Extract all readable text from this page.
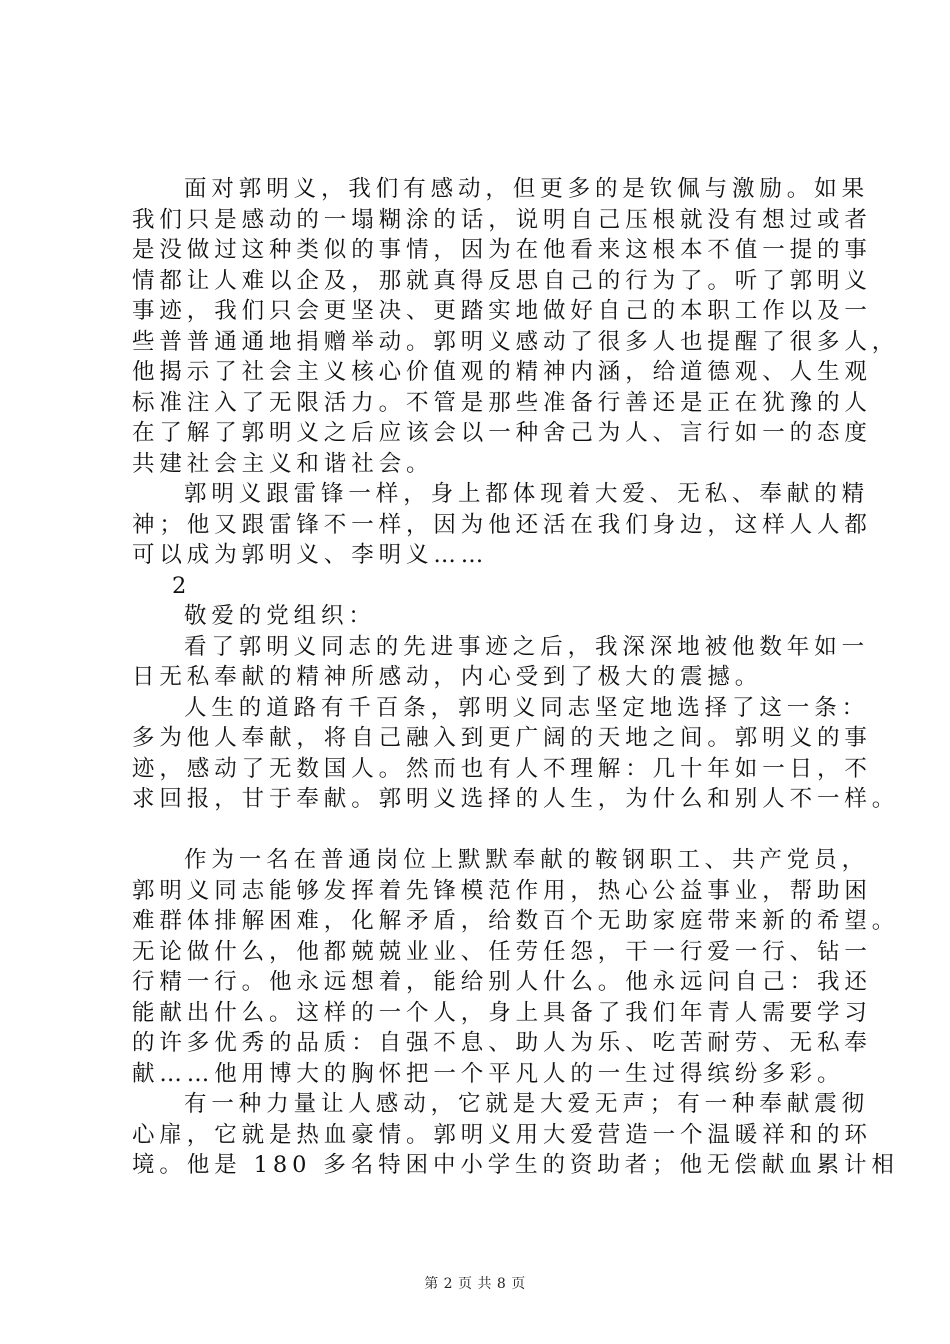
面对郭明义，我们有感动，但更多的是钦佩与激励。如果
我们只是感动的一塌糊涂的话，说明自己压根就没有想过或者
是没做过这种类似的事情，因为在他看来这根本不值一提的事
情都让人难以企及，那就真得反思自己的行为了。听了郭明义
事迹，我们只会更坚决、更踏实地做好自己的本职工作以及一
些普普通通地捐赠举动。郭明义感动了很多人也提醒了很多人，
他揭示了社会主义核心价值观的精神内涵，给道德观、人生观
标准注入了无限活力。不管是那些准备行善还是正在犹豫的人
在了解了郭明义之后应该会以一种舍己为人、言行如一的态度
共建社会主义和谐社会。
郭明义跟雷锋一样，身上都体现着大爱、无私、奉献的精
神；他又跟雷锋不一样，因为他还活在我们身边，这样人人都
可以成为郭明义、李明义……
2
敬爱的党组织：
看了郭明义同志的先进事迹之后，我深深地被他数年如一
日无私奉献的精神所感动，内心受到了极大的震撼。
人生的道路有千百条，郭明义同志坚定地选择了这一条：
多为他人奉献，将自己融入到更广阔的天地之间。郭明义的事
迹，感动了无数国人。然而也有人不理解：几十年如一日，不
求回报，甘于奉献。郭明义选择的人生，为什么和别人不一样。
作为一名在普通岗位上默默奉献的鞍钢职工、共产党员，
郭明义同志能够发挥着先锋模范作用，热心公益事业，帮助困
难群体排解困难，化解矛盾，给数百个无助家庭带来新的希望。
无论做什么，他都兢兢业业、任劳任怨，干一行爱一行、钻一
行精一行。他永远想着，能给别人什么。他永远问自己：我还
能献出什么。这样的一个人，身上具备了我们年青人需要学习
的许多优秀的品质：自强不息、助人为乐、吃苦耐劳、无私奉
献……他用博大的胸怀把一个平凡人的一生过得缤纷多彩。
有一种力量让人感动，它就是大爱无声；有一种奉献震彻
心扉，它就是热血豪情。郭明义用大爱营造一个温暖祥和的环
境。他是 180 多名特困中小学生的资助者；他无偿献血累计相
第 2 页 共 8 页
